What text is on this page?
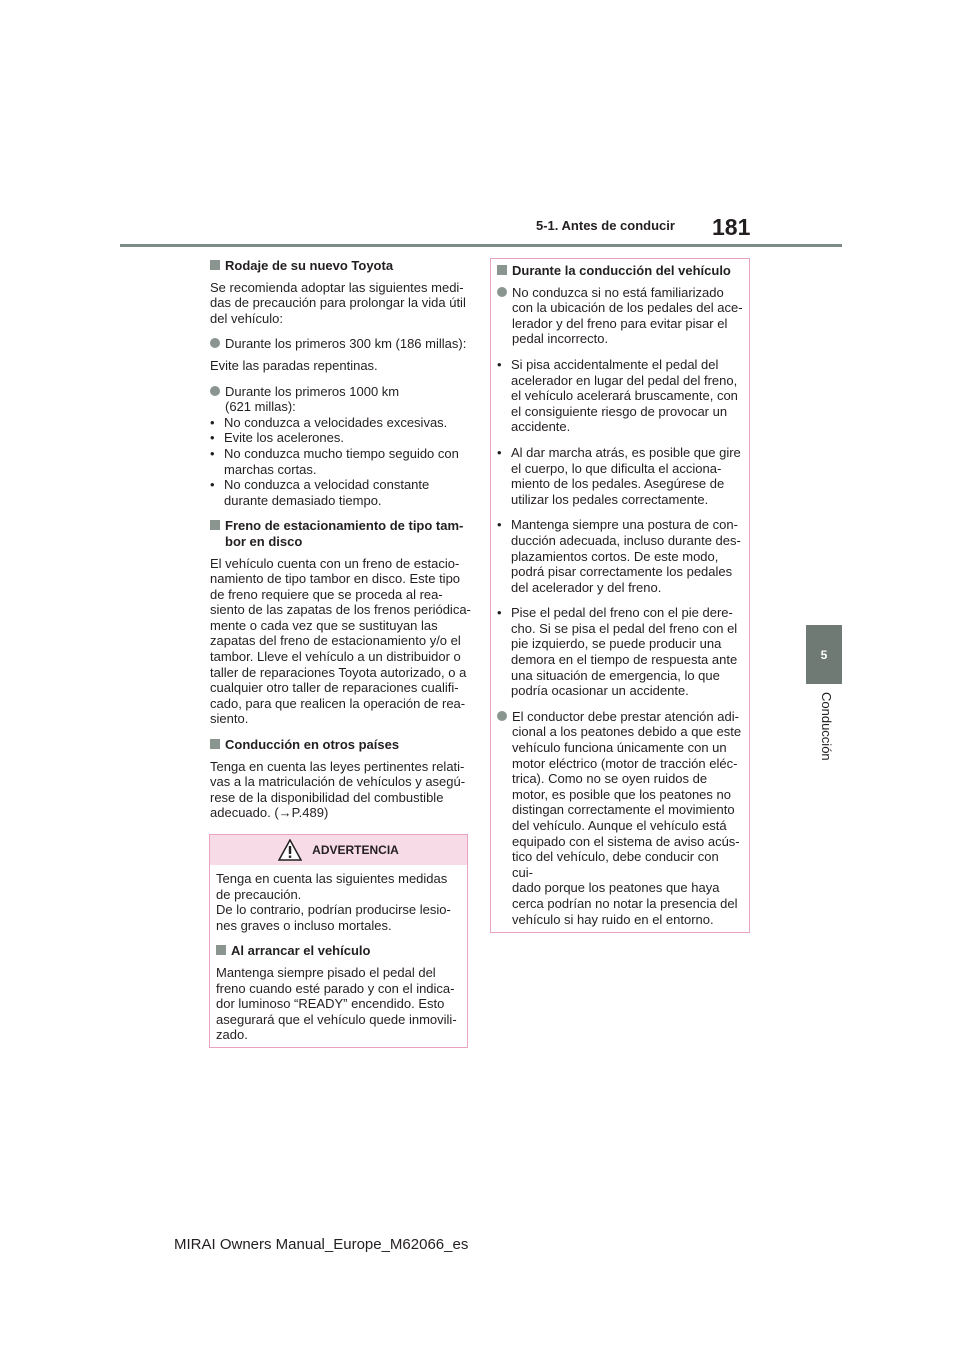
5-1. Antes de conducir 181
5
Conducción

Rodaje de su nuevo Toyota

Se recomienda adoptar las siguientes medi-
das de precaución para prolongar la vida útil
del vehículo:

Durante los primeros 300 km (186 millas):

Evite las paradas repentinas.

Durante los primeros 1000 km
(621 millas):

• No conduzca a velocidades excesivas.
• Evite los acelerones.
• No conduzca mucho tiempo seguido con
marchas cortas.
• No conduzca a velocidad constante
durante demasiado tiempo.

Freno de estacionamiento de tipo tam-
bor en disco

El vehículo cuenta con un freno de estacio-
namiento de tipo tambor en disco. Este tipo
de freno requiere que se proceda al rea-
siento de las zapatas de los frenos periódica-
mente o cada vez que se sustituyan las
zapatas del freno de estacionamiento y/o el
tambor. Lleve el vehículo a un distribuidor o
taller de reparaciones Toyota autorizado, o a
cualquier otro taller de reparaciones cualifi-
cado, para que realicen la operación de rea-
siento.

Conducción en otros países

Tenga en cuenta las leyes pertinentes relati-
vas a la matriculación de vehículos y asegú-
rese de la disponibilidad del combustible
adecuado. (→P.489)

ADVERTENCIA

Tenga en cuenta las siguientes medidas
de precaución.
De lo contrario, podrían producirse lesio-
nes graves o incluso mortales.

Al arrancar el vehículo

Mantenga siempre pisado el pedal del
freno cuando esté parado y con el indica-
dor luminoso “READY” encendido. Esto
asegurará que el vehículo quede inmovili-
zado.

Durante la conducción del vehículo

No conduzca si no está familiarizado
con la ubicación de los pedales del ace-
lerador y del freno para evitar pisar el
pedal incorrecto.

• Si pisa accidentalmente el pedal del
acelerador en lugar del pedal del freno,
el vehículo acelerará bruscamente, con
el consiguiente riesgo de provocar un
accidente.
• Al dar marcha atrás, es posible que gire
el cuerpo, lo que dificulta el acciona-
miento de los pedales. Asegúrese de
utilizar los pedales correctamente.
• Mantenga siempre una postura de con-
ducción adecuada, incluso durante des-
plazamientos cortos. De este modo,
podrá pisar correctamente los pedales
del acelerador y del freno.
• Pise el pedal del freno con el pie dere-
cho. Si se pisa el pedal del freno con el
pie izquierdo, se puede producir una
demora en el tiempo de respuesta ante
una situación de emergencia, lo que
podría ocasionar un accidente.

El conductor debe prestar atención adi-
cional a los peatones debido a que este
vehículo funciona únicamente con un
motor eléctrico (motor de tracción eléc-
trica). Como no se oyen ruidos de
motor, es posible que los peatones no
distingan correctamente el movimiento
del vehículo. Aunque el vehículo está
equipado con el sistema de aviso acús-
tico del vehículo, debe conducir con cui-
dado porque los peatones que haya
cerca podrían no notar la presencia del
vehículo si hay ruido en el entorno.

MIRAI Owners Manual_Europe_M62066_es
